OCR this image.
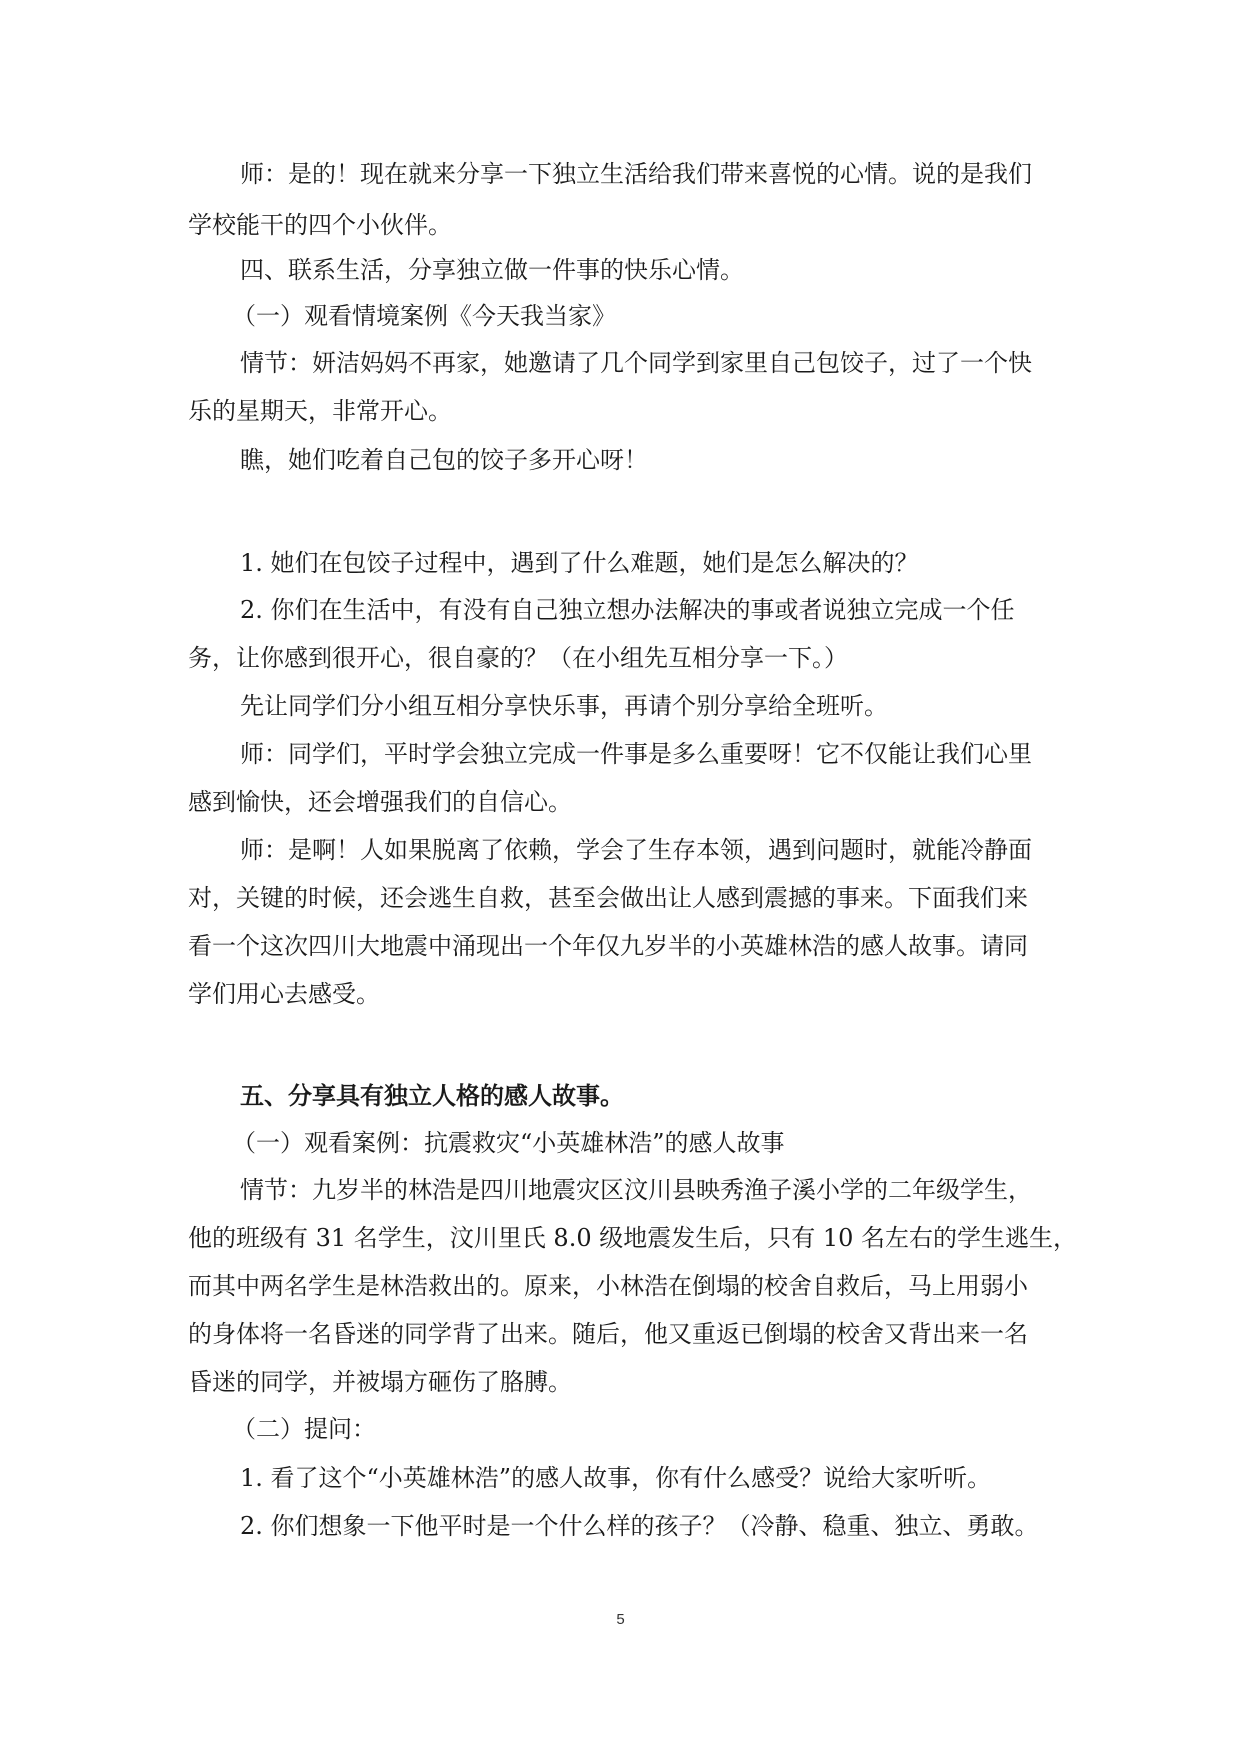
师：是的！现在就来分享一下独立生活给我们带来喜悦的心情。说的是我们
学校能干的四个小伙伴。
四、联系生活，分享独立做一件事的快乐心情。
（一）观看情境案例《今天我当家》
情节：妍洁妈妈不再家，她邀请了几个同学到家里自己包饺子，过了一个快
乐的星期天，非常开心。
瞧，她们吃着自己包的饺子多开心呀！
1. 她们在包饺子过程中，遇到了什么难题，她们是怎么解决的？
2. 你们在生活中，有没有自己独立想办法解决的事或者说独立完成一个任
务，让你感到很开心，很自豪的？（在小组先互相分享一下。）
先让同学们分小组互相分享快乐事，再请个别分享给全班听。
师：同学们，平时学会独立完成一件事是多么重要呀！它不仅能让我们心里
感到愉快，还会增强我们的自信心。
师：是啊！人如果脱离了依赖，学会了生存本领，遇到问题时，就能冷静面
对，关键的时候，还会逃生自救，甚至会做出让人感到震撼的事来。下面我们来
看一个这次四川大地震中涌现出一个年仅九岁半的小英雄林浩的感人故事。请同
学们用心去感受。
五、分享具有独立人格的感人故事。
（一）观看案例：抗震救灾“小英雄林浩”的感人故事
情节：九岁半的林浩是四川地震灾区汶川县映秀渔子溪小学的二年级学生，
他的班级有 31 名学生，汶川里氏 8.0 级地震发生后，只有 10 名左右的学生逃生，
而其中两名学生是林浩救出的。原来，小林浩在倒塌的校舍自救后，马上用弱小
的身体将一名昏迷的同学背了出来。随后，他又重返已倒塌的校舍又背出来一名
昏迷的同学，并被塌方砸伤了胳膊。
（二）提问：
1. 看了这个“小英雄林浩”的感人故事，你有什么感受？说给大家听听。
2. 你们想象一下他平时是一个什么样的孩子？（冷静、稳重、独立、勇敢。
5
